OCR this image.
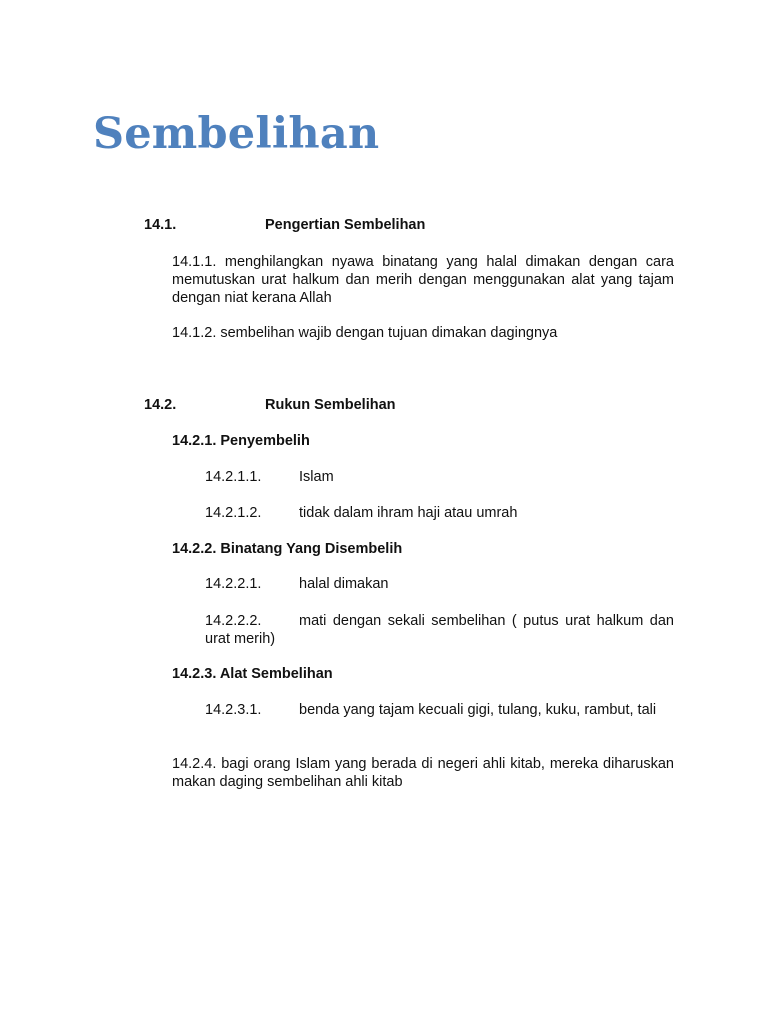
Sembelihan
14.1.	Pengertian Sembelihan

14.1.1. menghilangkan nyawa binatang yang halal dimakan dengan cara memutuskan urat halkum dan merih dengan menggunakan alat yang tajam dengan niat kerana Allah

14.1.2. sembelihan wajib dengan tujuan dimakan dagingnya

14.2.	Rukun Sembelihan
14.2.1. Penyembelih
14.2.1.1.	Islam
14.2.1.2.	tidak dalam ihram haji atau umrah
14.2.2. Binatang Yang Disembelih
14.2.2.1.	halal dimakan
14.2.2.2.	mati dengan sekali sembelihan ( putus urat halkum dan urat merih)
14.2.3. Alat Sembelihan
14.2.3.1.	benda yang tajam kecuali gigi, tulang, kuku, rambut, tali

14.2.4. bagi orang Islam yang berada di negeri ahli kitab, mereka diharuskan makan daging sembelihan ahli kitab
